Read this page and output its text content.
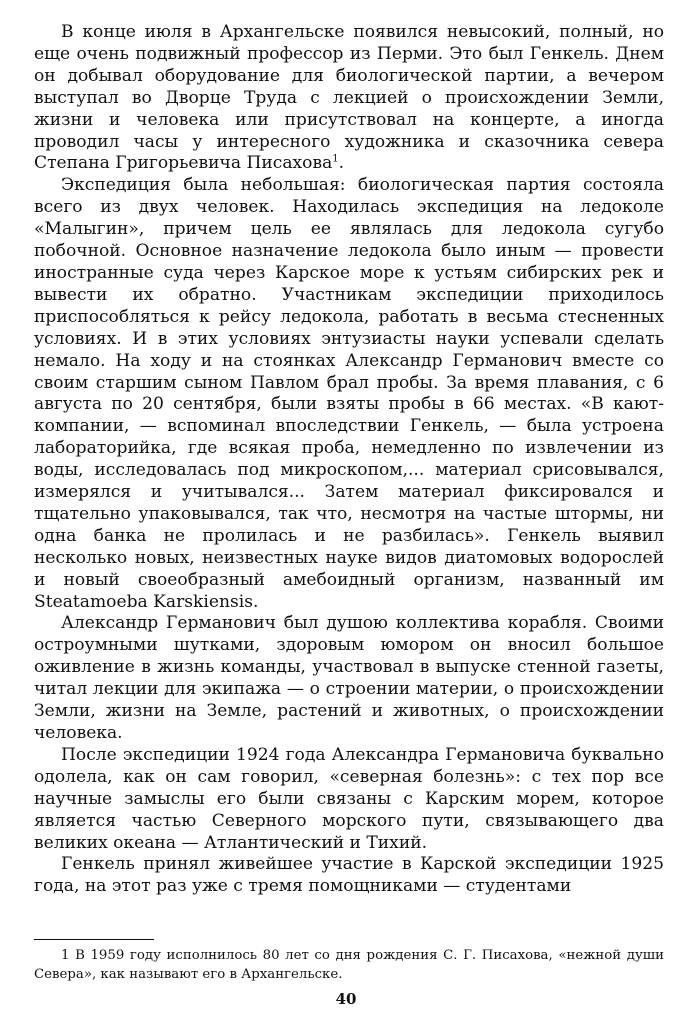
В конце июля в Архангельске появился невысокий, полный, но еще очень подвижный профессор из Перми. Это был Генкель. Днем он добывал оборудование для биологической партии, а вечером выступал во Дворце Труда с лекцией о происхождении Земли, жизни и человека или присутствовал на концерте, а иногда проводил часы у интересного художника и сказочника севера Степана Григорьевича Писахова$^1$.

Экспедиция была небольшая: биологическая партия состояла всего из двух человек. Находилась экспедиция на ледоколе «Малыгин», причем цель ее являлась для ледокола сугубо побочной. Основное назначение ледокола было иным — провести иностранные суда через Карское море к устьям сибирских рек и вывести их обратно. Участникам экспедиции приходилось приспособляться к рейсу ледокола, работать в весьма стесненных условиях. И в этих условиях энтузиасты науки успевали сделать немало. На ходу и на стоянках Александр Германович вместе со своим старшим сыном Павлом брал пробы. За время плавания, с 6 августа по 20 сентября, были взяты пробы в 66 местах. «В кают-компании, — вспоминал впоследствии Генкель, — была устроена лабораторийка, где всякая проба, немедленно по извлечении из воды, исследовалась под микроскопом,... материал срисовывался, измерялся и учитывался... Затем материал фиксировался и тщательно упаковывался, так что, несмотря на частые штормы, ни одна банка не пролилась и не разбилась». Генкель выявил несколько новых, неизвестных науке видов диатомовых водорослей и новый своеобразный амебоидный организм, названный им Steatamoeba Karskiensis.

Александр Германович был душою коллектива корабля. Своими остроумными шутками, здоровым юмором он вносил большое оживление в жизнь команды, участвовал в выпуске стенной газеты, читал лекции для экипажа — о строении материи, о происхождении Земли, жизни на Земле, растений и животных, о происхождении человека.

После экспедиции 1924 года Александра Германовича буквально одолела, как он сам говорил, «северная болезнь»: с тех пор все научные замыслы его были связаны с Карским морем, которое является частью Северного морского пути, связывающего два великих океана — Атлантический и Тихий.

Генкель принял живейшее участие в Карской экспедиции 1925 года, на этот раз уже с тремя помощниками — студентами

1 В 1959 году исполнилось 80 лет со дня рождения С. Г. Писахова, «нежной души Севера», как называют его в Архангельске.

40
